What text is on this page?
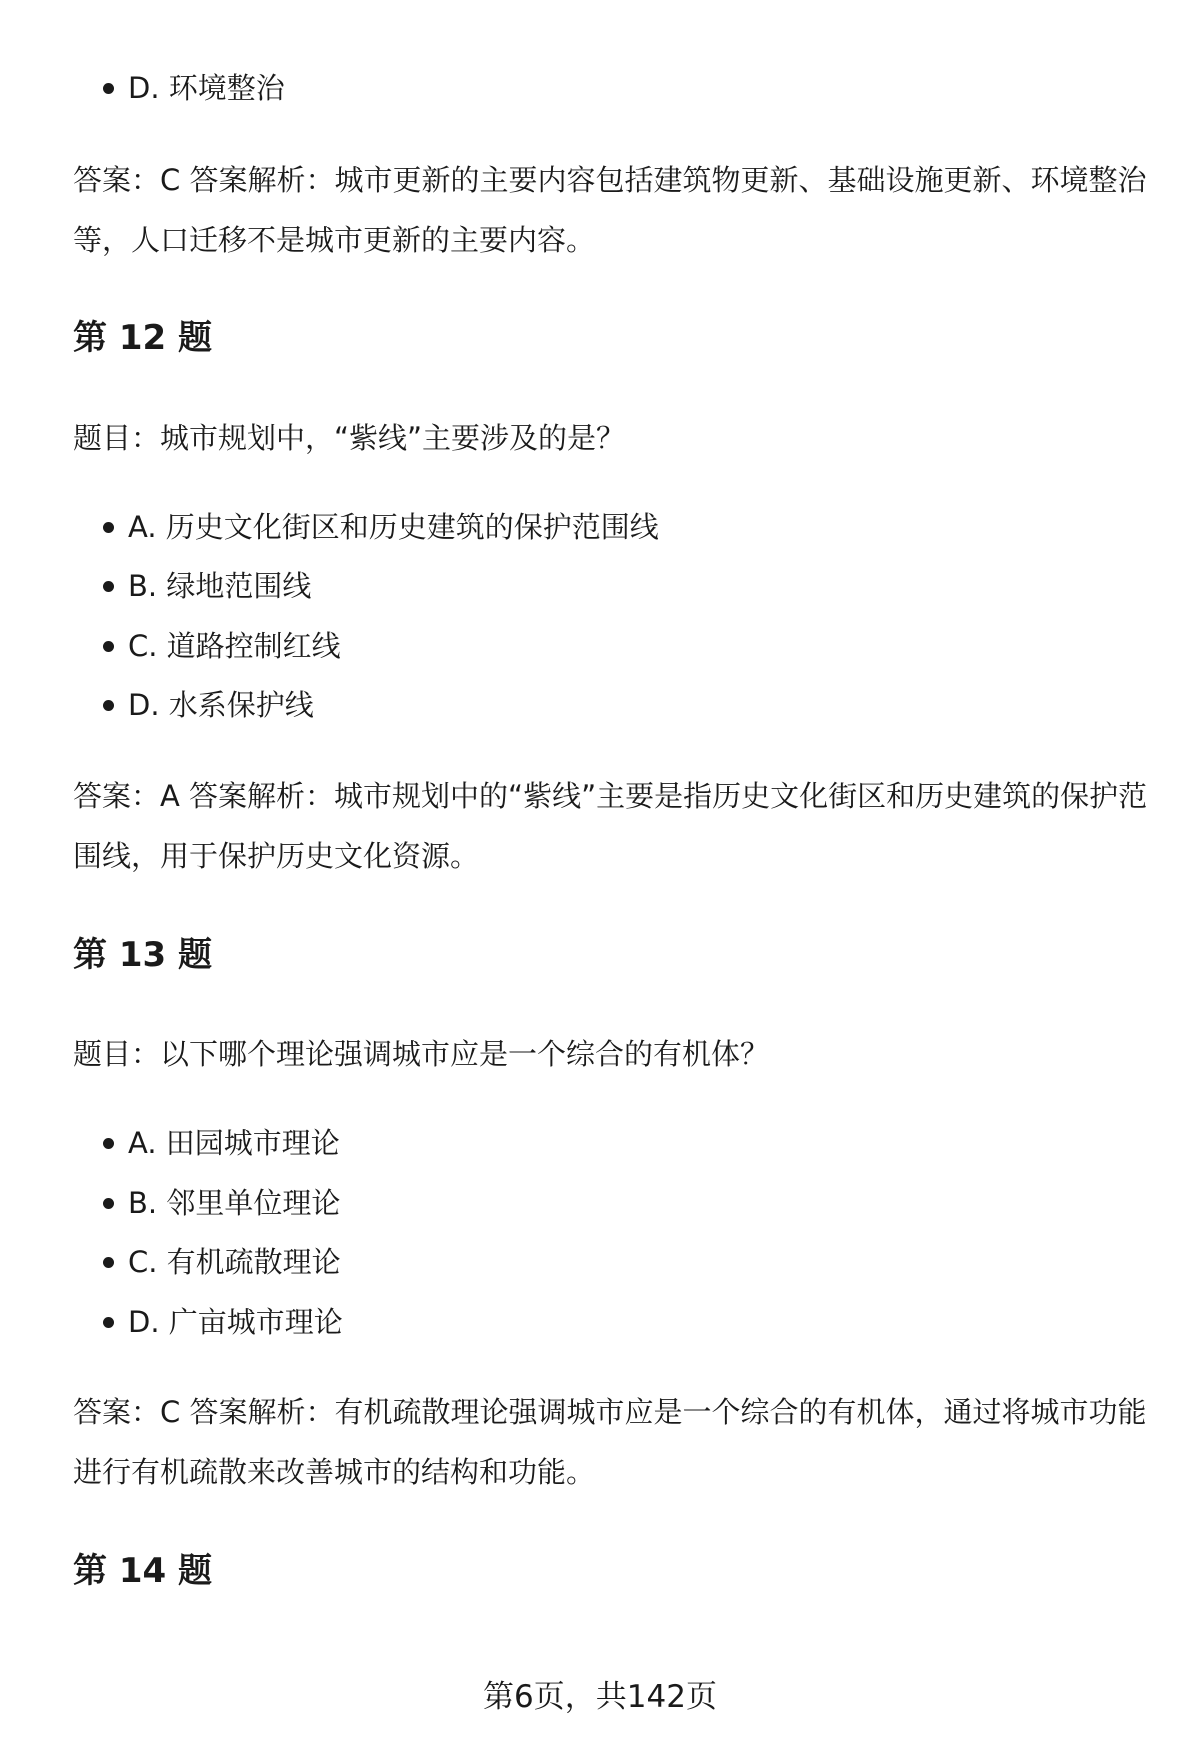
D. 环境整治
答案：C 答案解析：城市更新的主要内容包括建筑物更新、基础设施更新、环境整治等，人口迁移不是城市更新的主要内容。
第 12 题
题目：城市规划中，“紫线”主要涉及的是？
A. 历史文化街区和历史建筑的保护范围线
B. 绿地范围线
C. 道路控制红线
D. 水系保护线
答案：A 答案解析：城市规划中的“紫线”主要是指历史文化街区和历史建筑的保护范围线，用于保护历史文化资源。
第 13 题
题目：以下哪个理论强调城市应是一个综合的有机体？
A. 田园城市理论
B. 邻里单位理论
C. 有机疏散理论
D. 广亩城市理论
答案：C 答案解析：有机疏散理论强调城市应是一个综合的有机体，通过将城市功能进行有机疏散来改善城市的结构和功能。
第 14 题
第6页，共142页
